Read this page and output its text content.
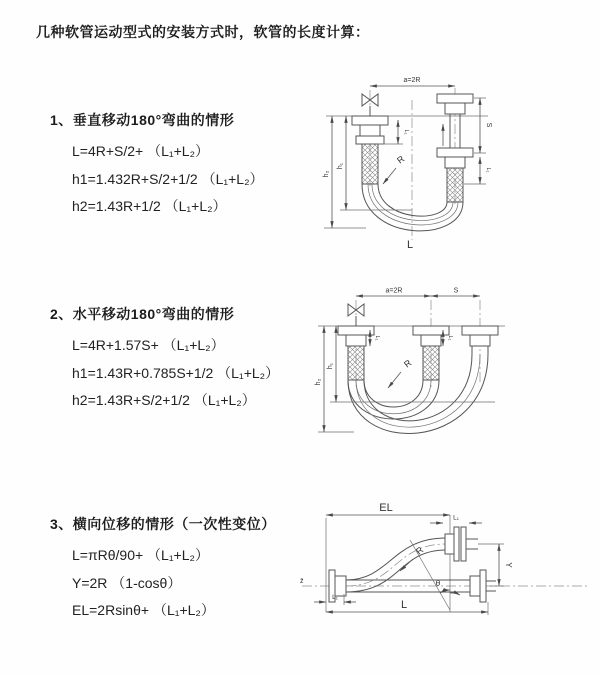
几种软管运动型式的安装方式时，软管的长度计算：
1、垂直移动180°弯曲的情形
L=4R+S/2+ （L₁+L₂）
h1=1.432R+S/2+1/2 （L₁+L₂）
h2=1.43R+1/2 （L₁+L₂）
a=2R
L₁
S
L₁
h₁
h₂
R
L
2、水平移动180°弯曲的情形
L=4R+1.57S+ （L₁+L₂）
h1=1.43R+0.785S+1/2 （L₁+L₂）
h2=1.43R+S/2+1/2 （L₁+L₂）
a=2R	S
L₁	L₁
h₁
h₂
R
3、横向位移的情形（一次性变位）
L=πRθ/90+ （L₁+L₂）
Y=2R （1-cosθ）
EL=2Rsinθ+ （L₁+L₂）
z̄
EL
L₁
Y
R
θ
L₁
L
